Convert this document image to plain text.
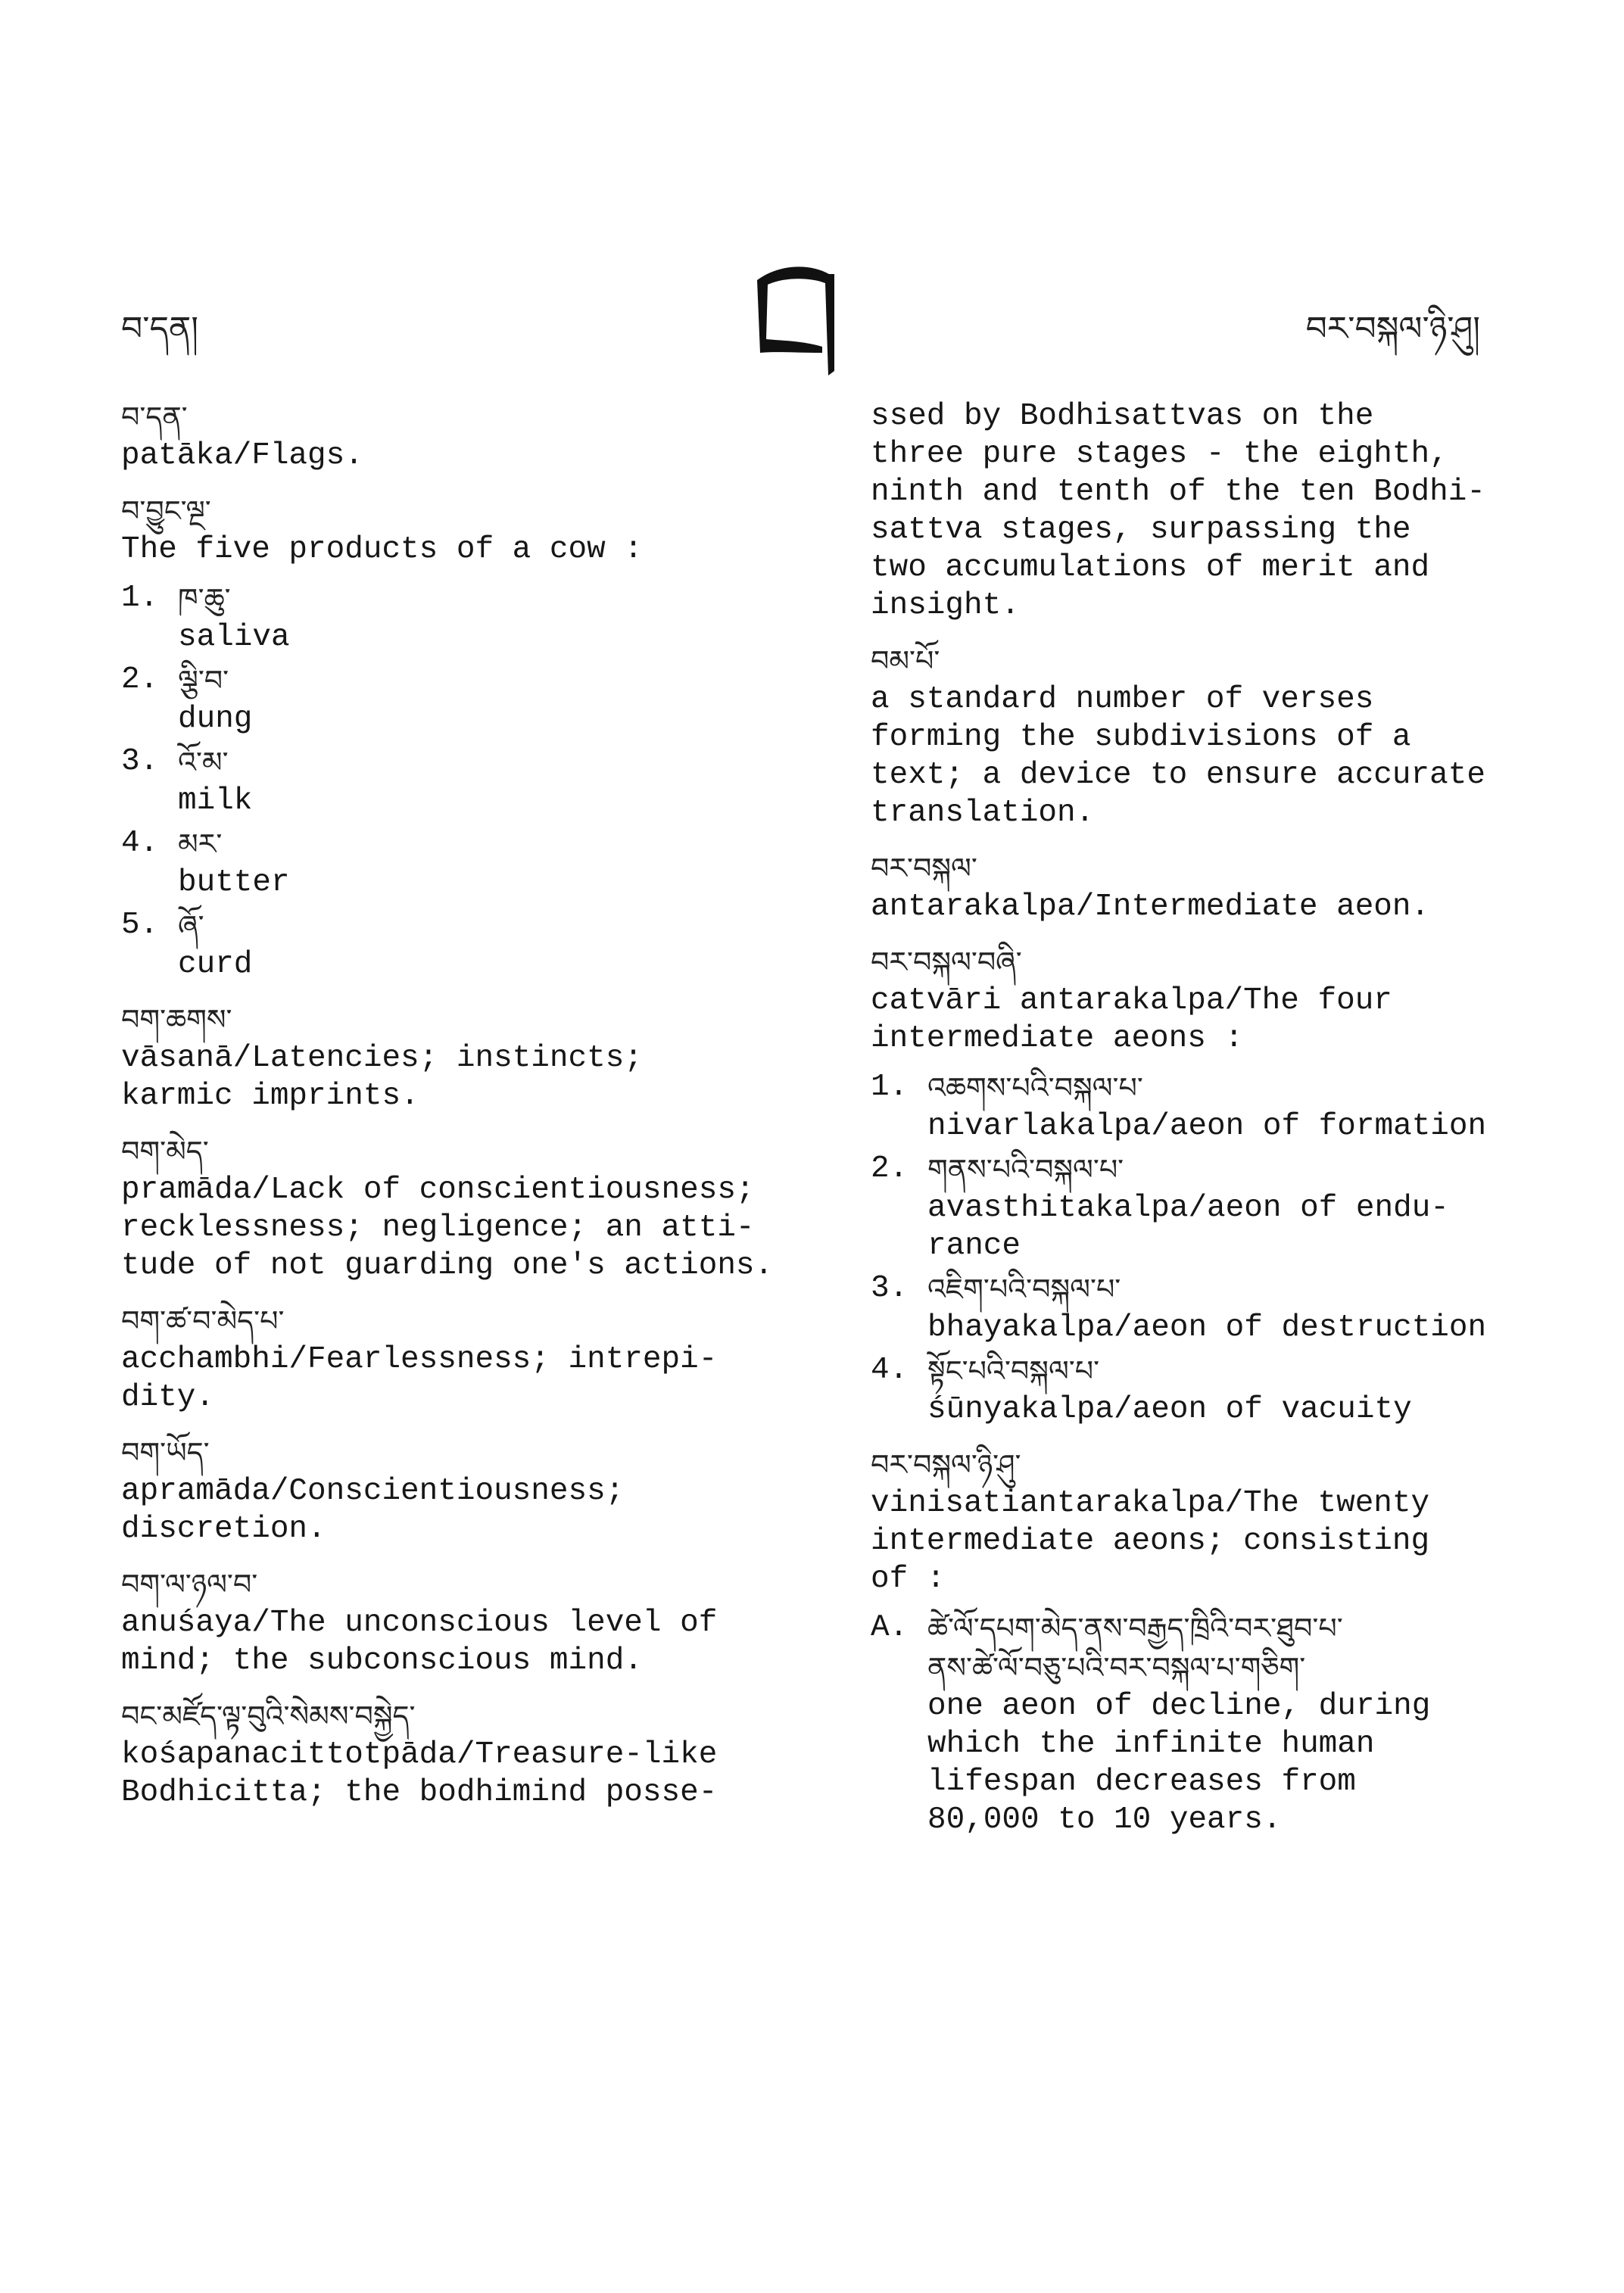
བ་དན།
ཀ
བར་བསྐལ་ཉི་ཤུ།
བ་དན་
patāka/Flags.
བ་བྱུང་ལྔ་
The five products of a cow :
1. ཁ་ཆུ་
saliva
2. ལྕི་བ་
dung
3. འོ་མ་
milk
4. མར་
butter
5. ཞོ་
curd
བག་ཆགས་
vāsanā/Latencies; instincts;
karmic imprints.
བག་མེད་
pramāda/Lack of conscientiousness;
recklessness; negligence; an atti-
tude of not guarding one's actions.
བག་ཚ་བ་མེད་པ་
acchambhi/Fearlessness; intrepi-
dity.
བག་ཡོད་
apramāda/Conscientiousness;
discretion.
བག་ལ་ཉལ་བ་
anuśaya/The unconscious level of
mind; the subconscious mind.
བང་མཛོད་ལྟ་བུའི་སེམས་བསྐྱེད་
kośapanacittotpāda/Treasure-like
Bodhicitta; the bodhimind posse-
ssed by Bodhisattvas on the
three pure stages - the eighth,
ninth and tenth of the ten Bodhi-
sattva stages, surpassing the
two accumulations of merit and
insight.
བམ་པོ་
a standard number of verses
forming the subdivisions of a
text; a device to ensure accurate
translation.
བར་བསྐལ་
antarakalpa/Intermediate aeon.
བར་བསྐལ་བཞི་
catvāri antarakalpa/The four
intermediate aeons :
1. འཆགས་པའི་བསྐལ་པ་
nivarlakalpa/aeon of formation
2. གནས་པའི་བསྐལ་པ་
avasthitakalpa/aeon of endu-
rance
3. འཇིག་པའི་བསྐལ་པ་
bhayakalpa/aeon of destruction
4. སྟོང་པའི་བསྐལ་པ་
śūnyakalpa/aeon of vacuity
བར་བསྐལ་ཉི་ཤུ་
vinisatiantarakalpa/The twenty
intermediate aeons; consisting
of :
A. ཚེ་ལོ་དཔག་མེད་ནས་བརྒྱད་ཁྲིའི་བར་ཐུབ་པ་
ནས་ཚེ་ལོ་བཅུ་པའི་བར་བསྐལ་པ་གཅིག་
one aeon of decline, during
which the infinite human
lifespan decreases from
80,000 to 10 years.
